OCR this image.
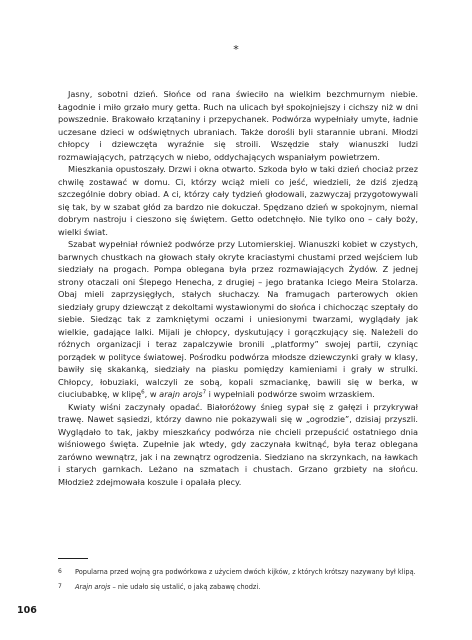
*

Jasny, sobotni dzień. Słońce od rana świeciło na wielkim bezchmurnym niebie. Łagodnie i miło grzało mury getta. Ruch na ulicach był spokojniejszy i cichszy niż w dni powszednie. Brakowało krzątaniny i przepychanek. Podwórza wypełniały umyte, ładnie uczesane dzieci w odświętnych ubraniach. Także dorośli byli starannie ubrani. Młodzi chłopcy i dziewczęta wyraźnie się stroili. Wszędzie stały wianuszki ludzi rozmawiających, patrzących w niebo, oddychających wspaniałym powietrzem.

Mieszkania opustoszały. Drzwi i okna otwarto. Szkoda było w taki dzień chociaż przez chwilę zostawać w domu. Ci, którzy wciąż mieli co jeść, wiedzieli, że dziś zjedzą szczególnie dobry obiad. A ci, którzy cały tydzień głodowali, zazwyczaj przygotowywali się tak, by w szabat głód za bardzo nie dokuczał. Spędzano dzień w spokojnym, niemal dobrym nastroju i cieszono się świętem. Getto odetchnęło. Nie tylko ono – cały boży, wielki świat.

Szabat wypełniał również podwórze przy Lutomierskiej. Wianuszki kobiet w czystych, barwnych chustkach na głowach stały okryte kraciastymi chustami przed wejściem lub siedziały na progach. Pompa oblegana była przez rozmawiających Żydów. Z jednej strony otaczali oni Ślepego Henecha, z drugiej – jego bratanka Iciego Meira Stolarza. Obaj mieli zaprzysięgłych, stałych słuchaczy. Na framugach parterowych okien siedziały grupy dziewcząt z dekoltami wystawionymi do słońca i chichocząc szeptały do siebie. Siedząc tak z zamkniętymi oczami i uniesionymi twarzami, wyglądały jak wielkie, gadające lalki. Mijali je chłopcy, dyskutujący i gorączkujący się. Należeli do różnych organizacji i teraz zapalczywie bronili „platformy” swojej partii, czyniąc porządek w polityce światowej. Pośrodku podwórza młodsze dziewczynki grały w klasy, bawiły się skakanką, siedziały na piasku pomiędzy kamieniami i grały w strulki. Chłopcy, łobuziaki, walczyli ze sobą, kopali szmaciankę, bawili się w berka, w ciuciubabkę, w klipę$^6$, w arajn arojs$^7$ i wypełniali podwórze swoim wrzaskiem.

Kwiaty wiśni zaczynały opadać. Białoróżowy śnieg sypał się z gałęzi i przykrywał trawę. Nawet sąsiedzi, którzy dawno nie pokazywali się w „ogrodzie”, dzisiaj przyszli. Wyglądało to tak, jakby mieszkańcy podwórza nie chcieli przepuścić ostatniego dnia wiśniowego święta. Zupełnie jak wtedy, gdy zaczynała kwitnąć, była teraz oblegana zarówno wewnątrz, jak i na zewnątrz ogrodzenia. Siedziano na skrzynkach, na ławkach i starych garnkach. Leżano na szmatach i chustach. Grzano grzbiety na słońcu. Młodzież zdejmowała koszule i opalała plecy.

6	Popularna przed wojną gra podwórkowa z użyciem dwóch kijków, z których krótszy nazywany był klipą.
7	Arajn arojs – nie udało się ustalić, o jaką zabawę chodzi.
106
